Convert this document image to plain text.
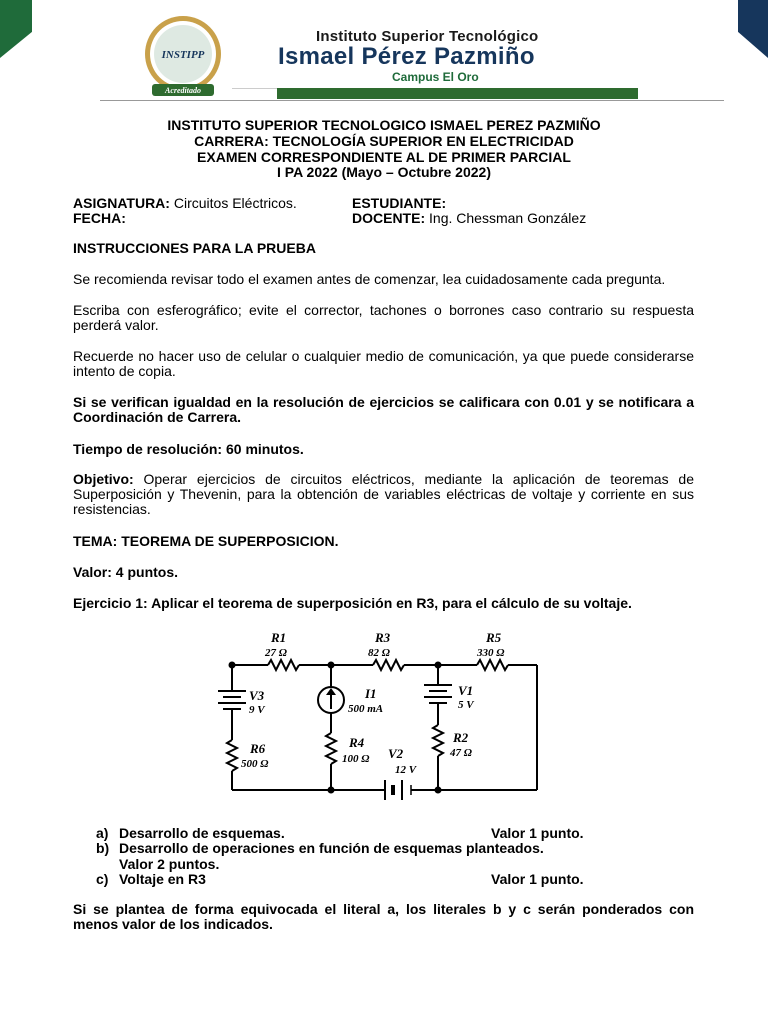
INSTIPP
Acreditado
Instituto Superior Tecnológico
Ismael Pérez Pazmiño
Campus El Oro
INSTITUTO SUPERIOR TECNOLOGICO ISMAEL PEREZ PAZMIÑO
CARRERA: TECNOLOGÍA SUPERIOR EN ELECTRICIDAD
EXAMEN CORRESPONDIENTE AL DE PRIMER PARCIAL
I PA 2022 (Mayo – Octubre 2022)
ASIGNATURA: Circuitos Eléctricos.	ESTUDIANTE:
FECHA:	DOCENTE: Ing. Chessman González
INSTRUCCIONES PARA LA PRUEBA
Se recomienda revisar todo el examen antes de comenzar, lea cuidadosamente cada pregunta.
Escriba con esferográfico; evite el corrector, tachones o borrones caso contrario su respuesta perderá valor.
Recuerde no hacer uso de celular o cualquier medio de comunicación, ya que puede considerarse intento de copia.
Si se verifican igualdad en la resolución de ejercicios se calificara con 0.01 y se notificara a Coordinación de Carrera.
Tiempo de resolución: 60 minutos.
Objetivo: Operar ejercicios de circuitos eléctricos, mediante la aplicación de teoremas de Superposición y Thevenin, para la obtención de variables eléctricas de voltaje y corriente en sus resistencias.
TEMA: TEOREMA DE SUPERPOSICION.
Valor: 4 puntos.
Ejercicio 1: Aplicar el teorema de superposición en R3, para el cálculo de su voltaje.
R1
27 Ω
R3
82 Ω
R5
330 Ω
V3
9 V
I1
500 mA
V1
5 V
R6
500 Ω
R4
100 Ω V2
12 V
R2
47 Ω
a) Desarrollo de esquemas.	Valor 1 punto.
b) Desarrollo de operaciones en función de esquemas planteados.
Valor 2 puntos.
c) Voltaje en R3	Valor 1 punto.
Si se plantea de forma equivocada el literal a, los literales b y c serán ponderados con menos valor de los indicados.
